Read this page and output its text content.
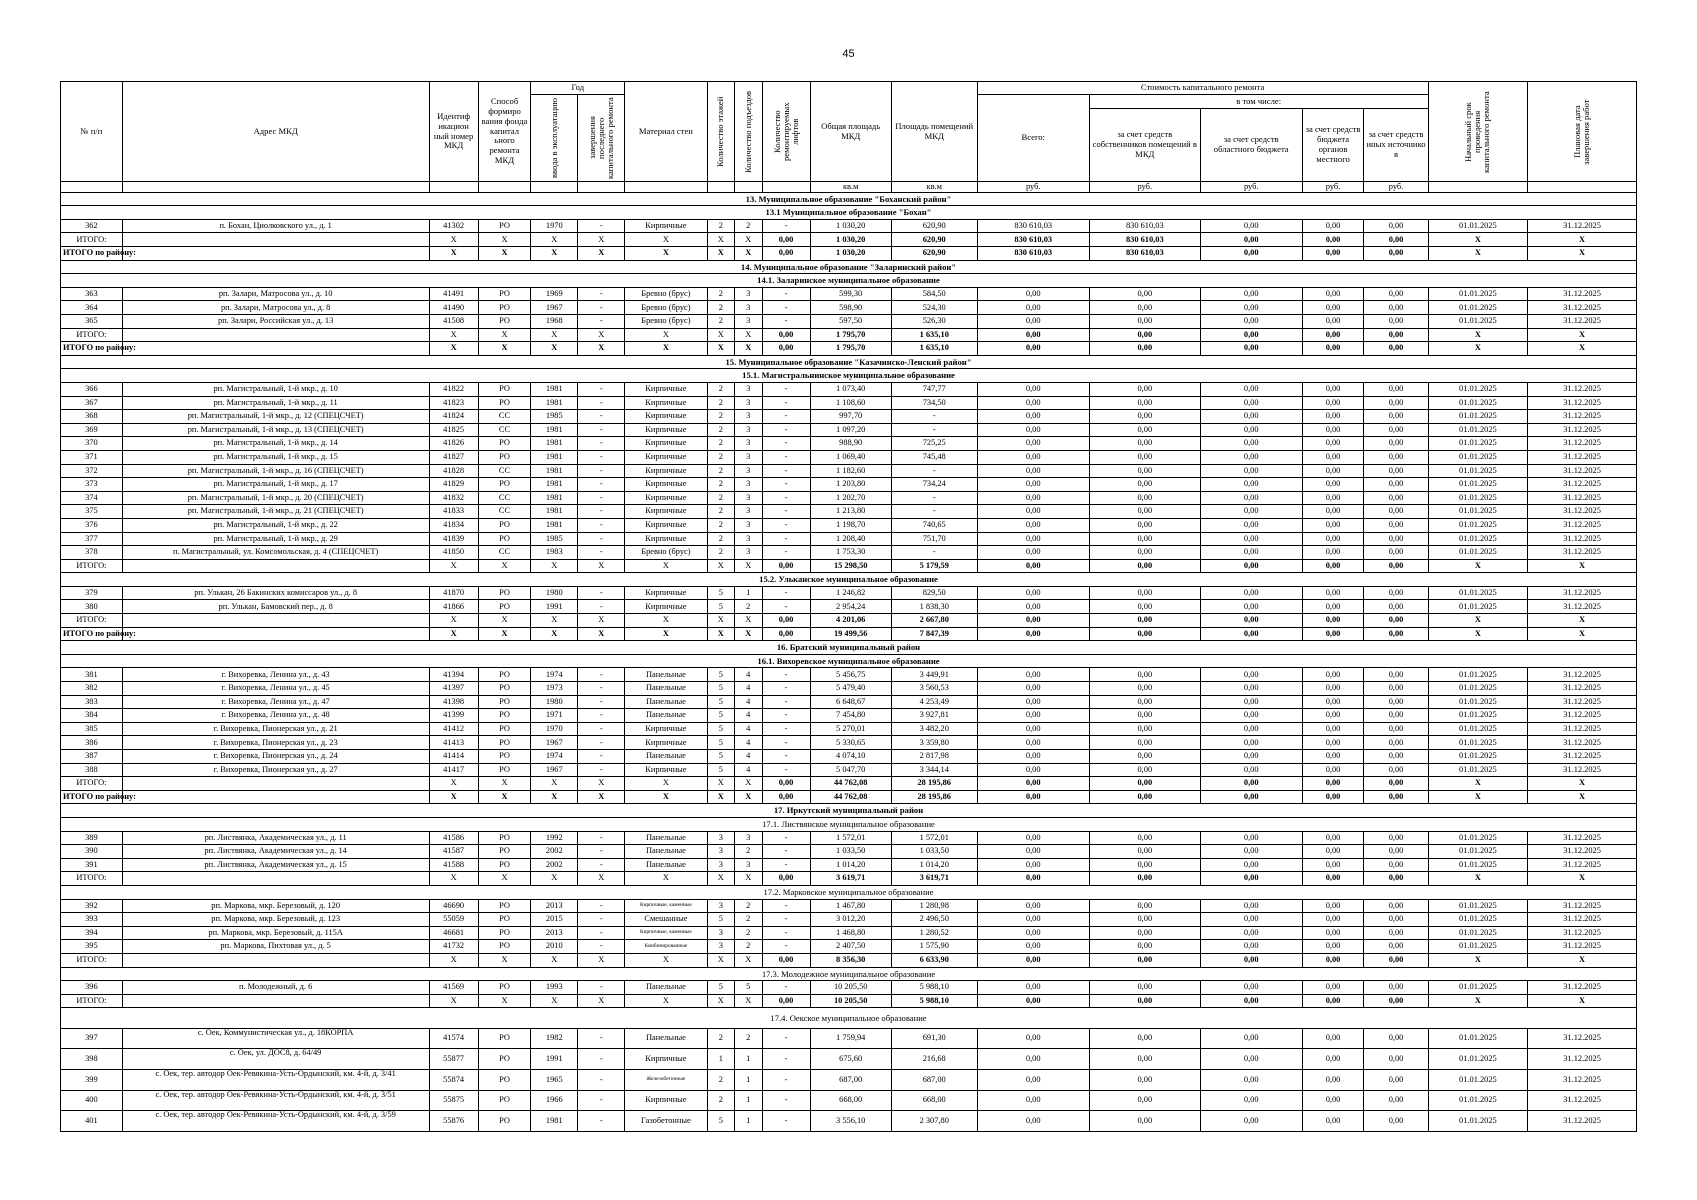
45
№ п/п	Адрес МКД	Идентиф икацион ный номер МКД	Способ формиро вания фонда капитал ьного ремонта МКД	Год		Материал стен	Количество этажей	Количество подъездов	Количество ремонтируемых лифтов	Общая площадь МКД	Площадь помещений МКД	Стоимость капитального ремонта					Начальный срок проведения капитального ремонта	Плановая дата завершения работ

				ввода в эксплуатацию	завершения последнего капитального ремонта							Всего:	в том числе:					
													за счет средств собственников помещений в МКД	за счет средств областного бюджета	за счет средств бюджета органов местного	за счет средств иных источнико в		
										кв.м	кв.м	руб.	руб.	руб.	руб.	руб.		
13. Муниципальное образование "Боханский район"																		
13.1 Муниципальное образование "Бохан"																		
362	п. Бохан, Циолковского ул., д. 1	41302	РО	1970	-	Кирпичные	2	2	-	1 030,20	620,90	830 610,03	830 610,03	0,00	0,00	0,00	01.01.2025	31.12.2025
ИТОГО:		X	X	X	X	X	X	X	0,00	1 030,20	620,90	830 610,03	830 610,03	0,00	0,00	0,00	X	X
ИТОГО по району:		X	X	X	X	X	X	X	0,00	1 030,20	620,90	830 610,03	830 610,03	0,00	0,00	0,00	X	X
14. Муниципальное образование "Заларинский район"																		
14.1. Заларинское муниципальное образование																		
363	рп. Залари, Матросова ул., д. 10	41491	РО	1969	-	Бревно (брус)	2	3	-	599,30	584,50	0,00	0,00	0,00	0,00	0,00	01.01.2025	31.12.2025
364	рп. Залари, Матросова ул., д. 8	41490	РО	1967	-	Бревно (брус)	2	3	-	598,90	524,30	0,00	0,00	0,00	0,00	0,00	01.01.2025	31.12.2025
365	рп. Залари, Российская ул., д. 13	41508	РО	1968	-	Бревно (брус)	2	3	-	597,50	526,30	0,00	0,00	0,00	0,00	0,00	01.01.2025	31.12.2025
ИТОГО:		X	X	X	X	X	X	X	0,00	1 795,70	1 635,10	0,00	0,00	0,00	0,00	0,00	X	X
ИТОГО по району:		X	X	X	X	X	X	X	0,00	1 795,70	1 635,10	0,00	0,00	0,00	0,00	0,00	X	X
15. Муниципальное образование "Казачинско-Ленский район"																		
15.1. Магистральнинское муниципальное образование																		
366	рп. Магистральный, 1-й мкр., д. 10	41822	РО	1981	-	Кирпичные	2	3	-	1 073,40	747,77	0,00	0,00	0,00	0,00	0,00	01.01.2025	31.12.2025
367	рп. Магистральный, 1-й мкр., д. 11	41823	РО	1981	-	Кирпичные	2	3	-	1 108,60	734,50	0,00	0,00	0,00	0,00	0,00	01.01.2025	31.12.2025
368	рп. Магистральный, 1-й мкр., д. 12 (СПЕЦСЧЕТ)	41824	СС	1985	-	Кирпичные	2	3	-	997,70	-	0,00	0,00	0,00	0,00	0,00	01.01.2025	31.12.2025
369	рп. Магистральный, 1-й мкр., д. 13 (СПЕЦСЧЕТ)	41825	СС	1981	-	Кирпичные	2	3	-	1 097,20	-	0,00	0,00	0,00	0,00	0,00	01.01.2025	31.12.2025
370	рп. Магистральный, 1-й мкр., д. 14	41826	РО	1981	-	Кирпичные	2	3	-	988,90	725,25	0,00	0,00	0,00	0,00	0,00	01.01.2025	31.12.2025
371	рп. Магистральный, 1-й мкр., д. 15	41827	РО	1981	-	Кирпичные	2	3	-	1 069,40	745,48	0,00	0,00	0,00	0,00	0,00	01.01.2025	31.12.2025
372	рп. Магистральный, 1-й мкр., д. 16 (СПЕЦСЧЕТ)	41828	СС	1981	-	Кирпичные	2	3	-	1 182,60	-	0,00	0,00	0,00	0,00	0,00	01.01.2025	31.12.2025
373	рп. Магистральный, 1-й мкр., д. 17	41829	РО	1981	-	Кирпичные	2	3	-	1 203,80	734,24	0,00	0,00	0,00	0,00	0,00	01.01.2025	31.12.2025
374	рп. Магистральный, 1-й мкр., д. 20 (СПЕЦСЧЕТ)	41832	СС	1981	-	Кирпичные	2	3	-	1 202,70	-	0,00	0,00	0,00	0,00	0,00	01.01.2025	31.12.2025
375	рп. Магистральный, 1-й мкр., д. 21 (СПЕЦСЧЕТ)	41833	СС	1981	-	Кирпичные	2	3	-	1 213,80	-	0,00	0,00	0,00	0,00	0,00	01.01.2025	31.12.2025
376	рп. Магистральный, 1-й мкр., д. 22	41834	РО	1981	-	Кирпичные	2	3	-	1 198,70	740,65	0,00	0,00	0,00	0,00	0,00	01.01.2025	31.12.2025
377	рп. Магистральный, 1-й мкр., д. 29	41839	РО	1985	-	Кирпичные	2	3	-	1 208,40	751,70	0,00	0,00	0,00	0,00	0,00	01.01.2025	31.12.2025
378	п. Магистральный, ул. Комсомольская, д. 4 (СПЕЦСЧЕТ)	41850	СС	1983	-	Бревно (брус)	2	3	-	1 753,30	-	0,00	0,00	0,00	0,00	0,00	01.01.2025	31.12.2025
ИТОГО:		X	X	X	X	X	X	X	0,00	15 298,50	5 179,59	0,00	0,00	0,00	0,00	0,00	X	X
15.2. Ульканское муниципальное образование																		
379	рп. Улькан, 26 Бакинских комиссаров ул., д. 8	41870	РО	1980	-	Кирпичные	5	1	-	1 246,82	829,50	0,00	0,00	0,00	0,00	0,00	01.01.2025	31.12.2025
380	рп. Улькан, Бамовский пер., д. 8	41866	РО	1991	-	Кирпичные	5	2	-	2 954,24	1 838,30	0,00	0,00	0,00	0,00	0,00	01.01.2025	31.12.2025
ИТОГО:		X	X	X	X	X	X	X	0,00	4 201,06	2 667,80	0,00	0,00	0,00	0,00	0,00	X	X
ИТОГО по району:		X	X	X	X	X	X	X	0,00	19 499,56	7 847,39	0,00	0,00	0,00	0,00	0,00	X	X
16. Братский муниципальный район																		
16.1. Вихоревское муниципальное образование																		
381	г. Вихоревка, Ленина ул., д. 43	41394	РО	1974	-	Панельные	5	4	-	5 456,75	3 449,91	0,00	0,00	0,00	0,00	0,00	01.01.2025	31.12.2025
382	г. Вихоревка, Ленина ул., д. 45	41397	РО	1973	-	Панельные	5	4	-	5 479,40	3 560,53	0,00	0,00	0,00	0,00	0,00	01.01.2025	31.12.2025
383	г. Вихоревка, Ленина ул., д. 47	41398	РО	1980	-	Панельные	5	4	-	6 648,67	4 253,49	0,00	0,00	0,00	0,00	0,00	01.01.2025	31.12.2025
384	г. Вихоревка, Ленина ул., д. 48	41399	РО	1971	-	Панельные	5	4	-	7 454,80	3 927,81	0,00	0,00	0,00	0,00	0,00	01.01.2025	31.12.2025
385	г. Вихоревка, Пионерская ул., д. 21	41412	РО	1970	-	Кирпичные	5	4	-	5 270,01	3 482,20	0,00	0,00	0,00	0,00	0,00	01.01.2025	31.12.2025
386	г. Вихоревка, Пионерская ул., д. 23	41413	РО	1967	-	Кирпичные	5	4	-	5 330,65	3 359,80	0,00	0,00	0,00	0,00	0,00	01.01.2025	31.12.2025
387	г. Вихоревка, Пионерская ул., д. 24	41414	РО	1974	-	Панельные	5	4	-	4 074,10	2 817,98	0,00	0,00	0,00	0,00	0,00	01.01.2025	31.12.2025
388	г. Вихоревка, Пионерская ул., д. 27	41417	РО	1967	-	Кирпичные	5	4	-	5 047,70	3 344,14	0,00	0,00	0,00	0,00	0,00	01.01.2025	31.12.2025
ИТОГО:		X	X	X	X	X	X	X	0,00	44 762,08	28 195,86	0,00	0,00	0,00	0,00	0,00	X	X
ИТОГО по району:		X	X	X	X	X	X	X	0,00	44 762,08	28 195,86	0,00	0,00	0,00	0,00	0,00	X	X
17. Иркутский муниципальный район																		
17.1. Листвянское муниципальное образование																		
389	рп. Листвянка, Академическая ул., д. 11	41586	РО	1992	-	Панельные	3	3	-	1 572,01	1 572,01	0,00	0,00	0,00	0,00	0,00	01.01.2025	31.12.2025
390	рп. Листвянка, Академическая ул., д. 14	41587	РО	2002	-	Панельные	3	2	-	1 033,50	1 033,50	0,00	0,00	0,00	0,00	0,00	01.01.2025	31.12.2025
391	рп. Листвянка, Академическая ул., д. 15	41588	РО	2002	-	Панельные	3	3	-	1 014,20	1 014,20	0,00	0,00	0,00	0,00	0,00	01.01.2025	31.12.2025
ИТОГО:		X	X	X	X	X	X	X	0,00	3 619,71	3 619,71	0,00	0,00	0,00	0,00	0,00	X	X
17.2. Марковское муниципальное образование																		
392	рп. Маркова, мкр. Березовый, д. 120	46690	РО	2013	-	Кирпичные, каменные	3	2	-	1 467,80	1 280,98	0,00	0,00	0,00	0,00	0,00	01.01.2025	31.12.2025
393	рп. Маркова, мкр. Березовый, д. 123	55059	РО	2015	-	Смешанные	5	2	-	3 012,20	2 496,50	0,00	0,00	0,00	0,00	0,00	01.01.2025	31.12.2025
394	рп. Маркова, мкр. Березовый, д. 115А	46681	РО	2013	-	Кирпичные, каменные	3	2	-	1 468,80	1 280,52	0,00	0,00	0,00	0,00	0,00	01.01.2025	31.12.2025
395	рп. Маркова, Пихтовая ул., д. 5	41732	РО	2010	-	Комбинированные	3	2	-	2 407,50	1 575,90	0,00	0,00	0,00	0,00	0,00	01.01.2025	31.12.2025
ИТОГО:		X	X	X	X	X	X	X	0,00	8 356,30	6 633,90	0,00	0,00	0,00	0,00	0,00	X	X
17.3. Молодежное муниципальное образование																		
396	п. Молодежный, д. 6	41569	РО	1993	-	Панельные	5	5	-	10 205,50	5 988,10	0,00	0,00	0,00	0,00	0,00	01.01.2025	31.12.2025
ИТОГО:		X	X	X	X	X	X	X	0,00	10 205,50	5 988,10	0,00	0,00	0,00	0,00	0,00	X	X
17.4. Оекское муниципальное образование																		
397	с. Оек, Коммунистическая ул., д. 18КОРПА	41574	РО	1982	-	Панельные	2	2	-	1 759,94	691,30	0,00	0,00	0,00	0,00	0,00	01.01.2025	31.12.2025
398	с. Оек, ул. ДОС8, д. 64/49	55877	РО	1991	-	Кирпичные	1	1	-	675,60	216,68	0,00	0,00	0,00	0,00	0,00	01.01.2025	31.12.2025
399	с. Оек, тер. автодор Оек-Ревякина-Усть-Ордынский, км. 4-й, д. 3/41	55874	РО	1965	-	Железобетонные	2	1	-	687,00	687,00	0,00	0,00	0,00	0,00	0,00	01.01.2025	31.12.2025
400	с. Оек, тер. автодор Оек-Ревякина-Усть-Ордынский, км. 4-й, д. 3/51	55875	РО	1966	-	Кирпичные	2	1	-	668,00	668,00	0,00	0,00	0,00	0,00	0,00	01.01.2025	31.12.2025
401	с. Оек, тер. автодор Оек-Ревякина-Усть-Ордынский, км. 4-й, д. 3/59	55876	РО	1981	-	Газобетонные	5	1	-	3 556,10	2 307,80	0,00	0,00	0,00	0,00	0,00	01.01.2025	31.12.2025
